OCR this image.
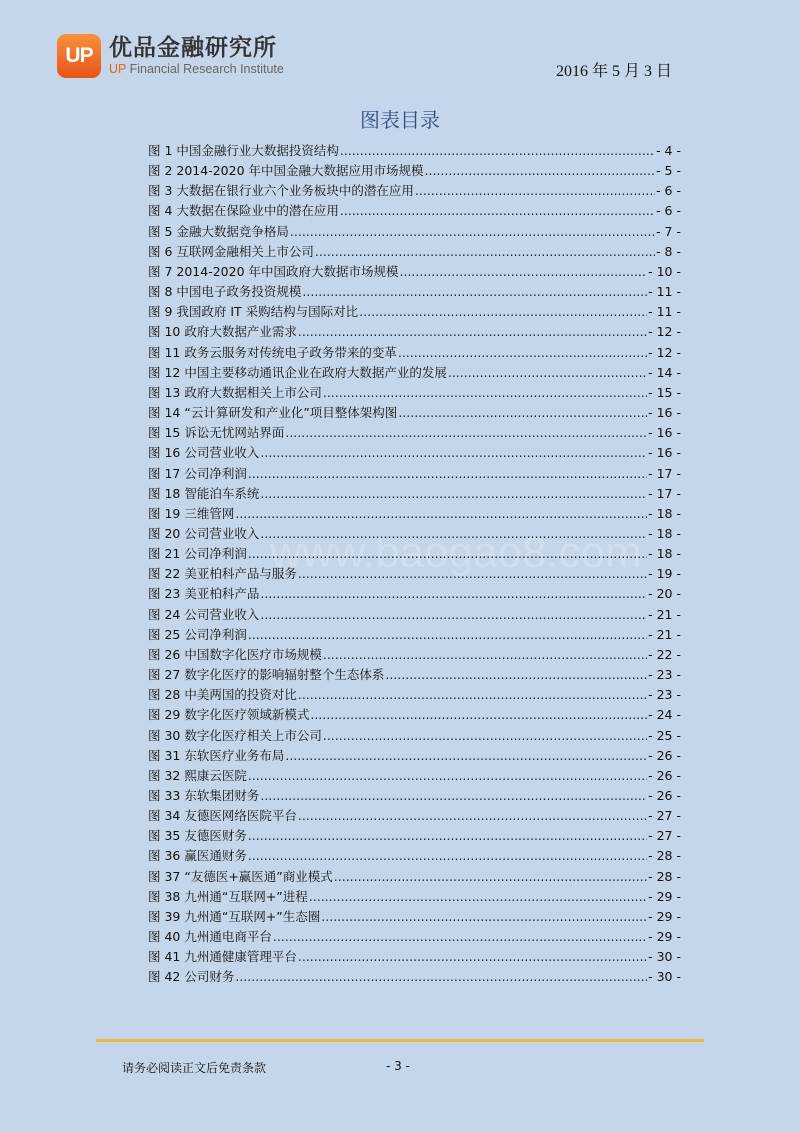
UP 优品金融研究所
UP Financial Research Institute	2016 年 5 月 3 日
图表目录
www.baogao8.com
图 1 中国金融行业大数据投资结构 .....	- 4 -
图 2 2014-2020 年中国金融大数据应用市场规模 .....	- 5 -
图 3 大数据在银行业六个业务板块中的潜在应用 .....	- 6 -
图 4 大数据在保险业中的潜在应用 .....	- 6 -
图 5 金融大数据竞争格局 .....	- 7 -
图 6 互联网金融相关上市公司 .....	- 8 -
图 7 2014-2020 年中国政府大数据市场规模 .....	- 10 -
图 8 中国电子政务投资规模 .....	- 11 -
图 9 我国政府 IT 采购结构与国际对比 .....	- 11 -
图 10 政府大数据产业需求 .....	- 12 -
图 11 政务云服务对传统电子政务带来的变革 .....	- 12 -
图 12 中国主要移动通讯企业在政府大数据产业的发展 .....	- 14 -
图 13 政府大数据相关上市公司 .....	- 15 -
图 14 “云计算研发和产业化”项目整体架构图 .....	- 16 -
图 15 诉讼无忧网站界面 .....	- 16 -
图 16 公司营业收入 .....	- 16 -
图 17 公司净利润 .....	- 17 -
图 18 智能泊车系统 .....	- 17 -
图 19 三维管网 .....	- 18 -
图 20 公司营业收入 .....	- 18 -
图 21 公司净利润 .....	- 18 -
图 22 美亚柏科产品与服务 .....	- 19 -
图 23 美亚柏科产品 .....	- 20 -
图 24 公司营业收入 .....	- 21 -
图 25 公司净利润 .....	- 21 -
图 26 中国数字化医疗市场规模 .....	- 22 -
图 27 数字化医疗的影响辐射整个生态体系 .....	- 23 -
图 28 中美两国的投资对比 .....	- 23 -
图 29 数字化医疗领域新模式 .....	- 24 -
图 30 数字化医疗相关上市公司 .....	- 25 -
图 31 东软医疗业务布局 .....	- 26 -
图 32 熙康云医院 .....	- 26 -
图 33 东软集团财务 .....	- 26 -
图 34 友德医网络医院平台 .....	- 27 -
图 35 友德医财务 .....	- 27 -
图 36 赢医通财务 .....	- 28 -
图 37 “友德医+赢医通”商业模式 .....	- 28 -
图 38 九州通“互联网+”进程 .....	- 29 -
图 39 九州通“互联网+”生态圈 .....	- 29 -
图 40 九州通电商平台 .....	- 29 -
图 41 九州通健康管理平台 .....	- 30 -
图 42 公司财务 .....	- 30 -
请务必阅读正文后免责条款	- 3 -
